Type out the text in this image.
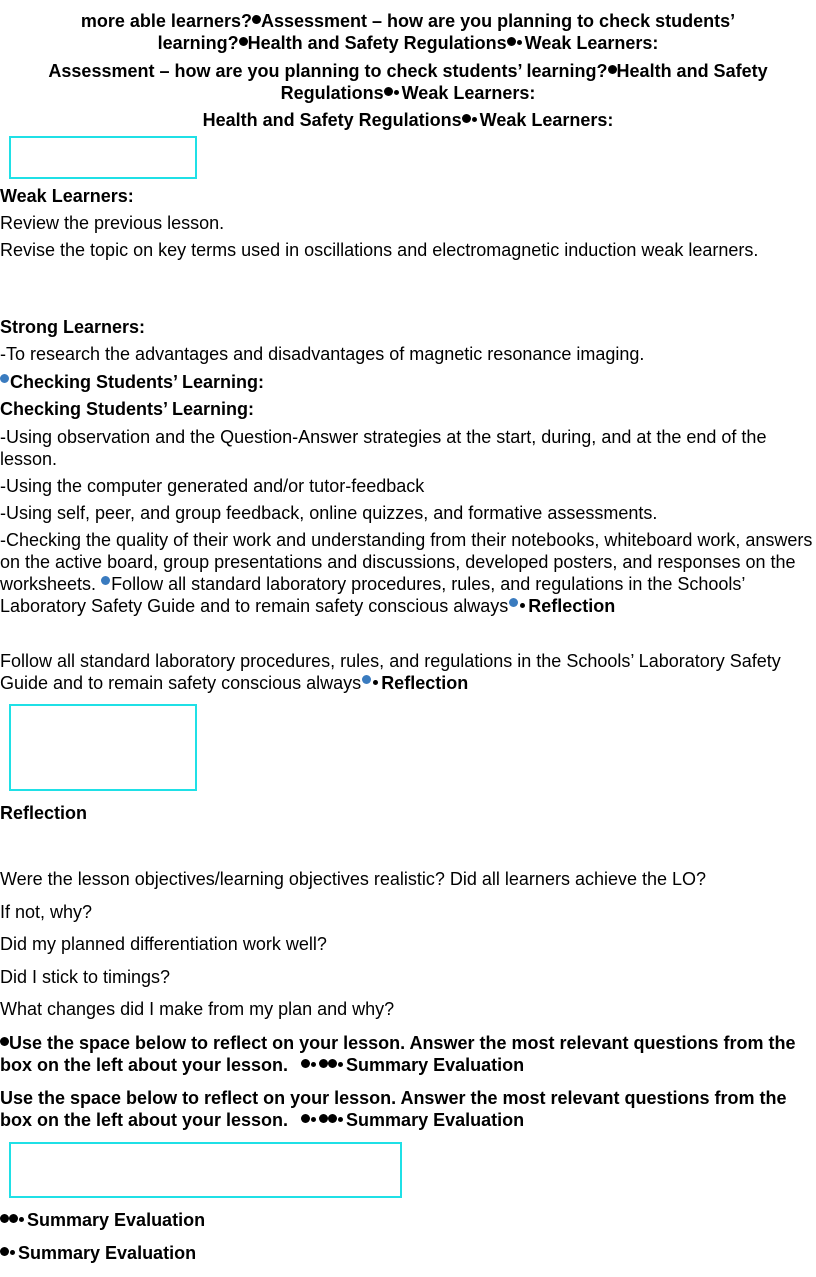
more able learners? Assessment – how are you planning to check students’
learning? Health and Safety Regulations Weak Learners:
Assessment – how are you planning to check students’ learning? Health and Safety
Regulations Weak Learners:
Health and Safety Regulations Weak Learners:
Weak Learners:
Review the previous lesson.
Revise the topic on key terms used in oscillations and electromagnetic induction weak learners.
Strong Learners:
-To research the advantages and disadvantages of magnetic resonance imaging.
Checking Students’ Learning:
Checking Students’ Learning:
-Using observation and the Question-Answer strategies at the start, during, and at the end of the lesson.
-Using the computer generated and/or tutor-feedback
-Using self, peer, and group feedback, online quizzes, and formative assessments.
-Checking the quality of their work and understanding from their notebooks, whiteboard work, answers on the active board, group presentations and discussions, developed posters, and responses on the worksheets. Follow all standard laboratory procedures, rules, and regulations in the Schools’ Laboratory Safety Guide and to remain safety conscious always Reflection
Follow all standard laboratory procedures, rules, and regulations in the Schools’ Laboratory Safety Guide and to remain safety conscious always Reflection
Reflection
Were the lesson objectives/learning objectives realistic? Did all learners achieve the LO?
If not, why?
Did my planned differentiation work well?
Did I stick to timings?
What changes did I make from my plan and why?
Use the space below to reflect on your lesson. Answer the most relevant questions from the box on the left about your lesson.	Summary Evaluation
Use the space below to reflect on your lesson. Answer the most relevant questions from the box on the left about your lesson.	Summary Evaluation
Summary Evaluation
Summary Evaluation
